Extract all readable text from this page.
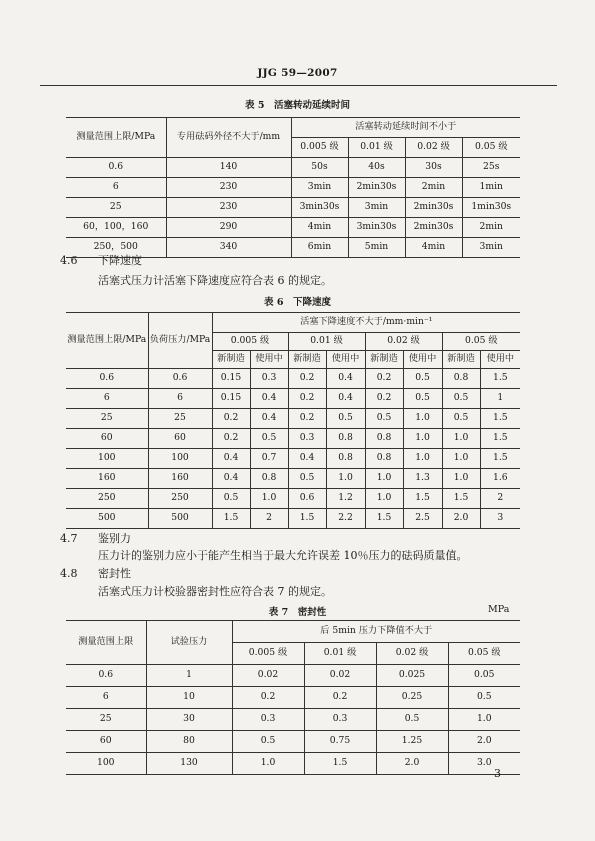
JJG 59—2007
表 5　活塞转动延续时间
测量范围上限/MPa	专用砝码外径不大于/mm	活塞转动延续时间不小于			
		0.005 级	0.01 级	0.02 级	0.05 级
0.6	140	50s	40s	30s	25s
6	230	3min	2min30s	2min	1min
25	230	3min30s	3min	2min30s	1min30s
60，100，160	290	4min	3min30s	2min30s	2min
250，500	340	6min	5min	4min	3min
4.6 下降速度
活塞式压力计活塞下降速度应符合表 6 的规定。
表 6　下降速度
测量范围上限/MPa	负荷压力/MPa	活塞下降速度不大于/mm·min⁻¹							
		0.005 级		0.01 级		0.02 级		0.05 级	
		新制造	使用中	新制造	使用中	新制造	使用中	新制造	使用中
0.6	0.6	0.15	0.3	0.2	0.4	0.2	0.5	0.8	1.5
6	6	0.15	0.4	0.2	0.4	0.2	0.5	0.5	1
25	25	0.2	0.4	0.2	0.5	0.5	1.0	0.5	1.5
60	60	0.2	0.5	0.3	0.8	0.8	1.0	1.0	1.5
100	100	0.4	0.7	0.4	0.8	0.8	1.0	1.0	1.5
160	160	0.4	0.8	0.5	1.0	1.0	1.3	1.0	1.6
250	250	0.5	1.0	0.6	1.2	1.0	1.5	1.5	2
500	500	1.5	2	1.5	2.2	1.5	2.5	2.0	3
4.7 鉴别力
压力计的鉴别力应小于能产生相当于最大允许误差 10％压力的砝码质量值。
4.8 密封性
活塞式压力计校验器密封性应符合表 7 的规定。
表 7　密封性	MPa
测量范围上限	试验压力	后 5min 压力下降值不大于			
		0.005 级	0.01 级	0.02 级	0.05 级
0.6	1	0.02	0.02	0.025	0.05
6	10	0.2	0.2	0.25	0.5
25	30	0.3	0.3	0.5	1.0
60	80	0.5	0.75	1.25	2.0
100	130	1.0	1.5	2.0	3.0
3
